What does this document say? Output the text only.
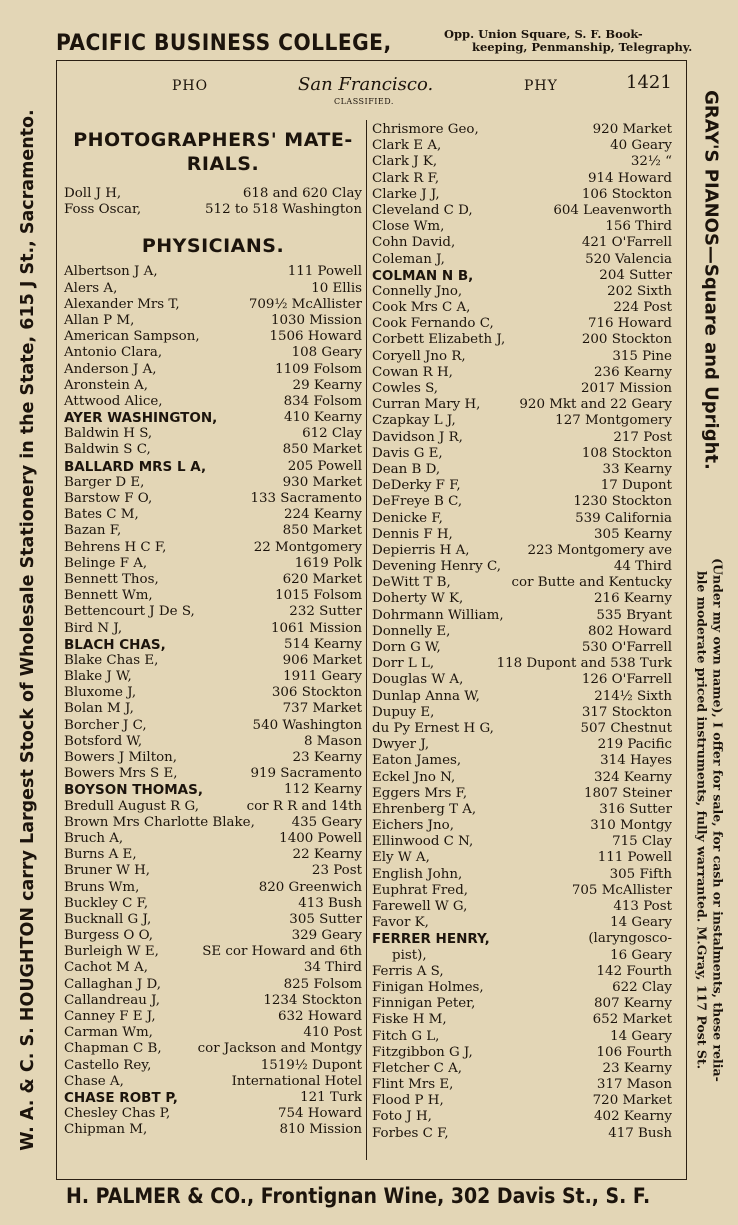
PACIFIC BUSINESS COLLEGE,	Opp. Union Square, S. F. Book-
keeping, Penmanship, Telegraphy.
W. A. & C. S. HOUGHTON carry Largest Stock of Wholesale Stationery in the State, 615 J St., Sacramento.	GRAY'S PIANOS—Square and Upright.
(Under my own name), I offer for sale, for cash or instalments, these relia-
ble moderate priced instruments, fully warranted. M.Gray, 117 Post St.
PHO	San Francisco.
CLASSIFIED.
PHY	1421
PHOTOGRAPHERS' MATE-
RIALS.
Doll J H,	618 and 620 Clay
Foss Oscar,	512 to 518 Washington
PHYSICIANS.
Albertson J A,	111 Powell
Alers A,	10 Ellis
Alexander Mrs T,	709½ McAllister
Allan P M,	1030 Mission
American Sampson,	1506 Howard
Antonio Clara,	108 Geary
Anderson J A,	1109 Folsom
Aronstein A,	29 Kearny
Attwood Alice,	834 Folsom
AYER WASHINGTON,	410 Kearny
Baldwin H S,	612 Clay
Baldwin S C,	850 Market
BALLARD MRS L A,	205 Powell
Barger D E,	930 Market
Barstow F O,	133 Sacramento
Bates C M,	224 Kearny
Bazan F,	850 Market
Behrens H C F,	22 Montgomery
Belinge F A,	1619 Polk
Bennett Thos,	620 Market
Bennett Wm,	1015 Folsom
Bettencourt J De S,	232 Sutter
Bird N J,	1061 Mission
BLACH CHAS,	514 Kearny
Blake Chas E,	906 Market
Blake J W,	1911 Geary
Bluxome J,	306 Stockton
Bolan M J,	737 Market
Borcher J C,	540 Washington
Botsford W,	8 Mason
Bowers J Milton,	23 Kearny
Bowers Mrs S E,	919 Sacramento
BOYSON THOMAS,	112 Kearny
Bredull August R G,	cor R R and 14th
Brown Mrs Charlotte Blake,	435 Geary
Bruch A,	1400 Powell
Burns A E,	22 Kearny
Bruner W H,	23 Post
Bruns Wm,	820 Greenwich
Buckley C F,	413 Bush
Bucknall G J,	305 Sutter
Burgess O O,	329 Geary
Burleigh W E,	SE cor Howard and 6th
Cachot M A,	34 Third
Callaghan J D,	825 Folsom
Callandreau J,	1234 Stockton
Canney F E J,	632 Howard
Carman Wm,	410 Post
Chapman C B,	cor Jackson and Montgy
Castello Rey,	1519½ Dupont
Chase A,	International Hotel
CHASE ROBT P,	121 Turk
Chesley Chas P,	754 Howard
Chipman M,	810 Mission
Chrismore Geo,	920 Market
Clark E A,	40 Geary
Clark J K,	32½ “
Clark R F,	914 Howard
Clarke J J,	106 Stockton
Cleveland C D,	604 Leavenworth
Close Wm,	156 Third
Cohn David,	421 O'Farrell
Coleman J,	520 Valencia
COLMAN N B,	204 Sutter
Connelly Jno,	202 Sixth
Cook Mrs C A,	224 Post
Cook Fernando C,	716 Howard
Corbett Elizabeth J,	200 Stockton
Coryell Jno R,	315 Pine
Cowan R H,	236 Kearny
Cowles S,	2017 Mission
Curran Mary H,	920 Mkt and 22 Geary
Czapkay L J,	127 Montgomery
Davidson J R,	217 Post
Davis G E,	108 Stockton
Dean B D,	33 Kearny
DeDerky F F,	17 Dupont
DeFreye B C,	1230 Stockton
Denicke F,	539 California
Dennis F H,	305 Kearny
Depierris H A,	223 Montgomery ave
Devening Henry C,	44 Third
DeWitt T B,	cor Butte and Kentucky
Doherty W K,	216 Kearny
Dohrmann William,	535 Bryant
Donnelly E,	802 Howard
Dorn G W,	530 O'Farrell
Dorr L L,	118 Dupont and 538 Turk
Douglas W A,	126 O'Farrell
Dunlap Anna W,	214½ Sixth
Dupuy E,	317 Stockton
du Py Ernest H G,	507 Chestnut
Dwyer J,	219 Pacific
Eaton James,	314 Hayes
Eckel Jno N,	324 Kearny
Eggers Mrs F,	1807 Steiner
Ehrenberg T A,	316 Sutter
Eichers Jno,	310 Montgy
Ellinwood C N,	715 Clay
Ely W A,	111 Powell
English John,	305 Fifth
Euphrat Fred,	705 McAllister
Farewell W G,	413 Post
Favor K,	14 Geary
FERRER HENRY,	(laryngosco-
pist),	16 Geary
Ferris A S,	142 Fourth
Finigan Holmes,	622 Clay
Finnigan Peter,	807 Kearny
Fiske H M,	652 Market
Fitch G L,	14 Geary
Fitzgibbon G J,	106 Fourth
Fletcher C A,	23 Kearny
Flint Mrs E,	317 Mason
Flood P H,	720 Market
Foto J H,	402 Kearny
Forbes C F,	417 Bush
H. PALMER & CO., Frontignan Wine, 302 Davis St., S. F.
